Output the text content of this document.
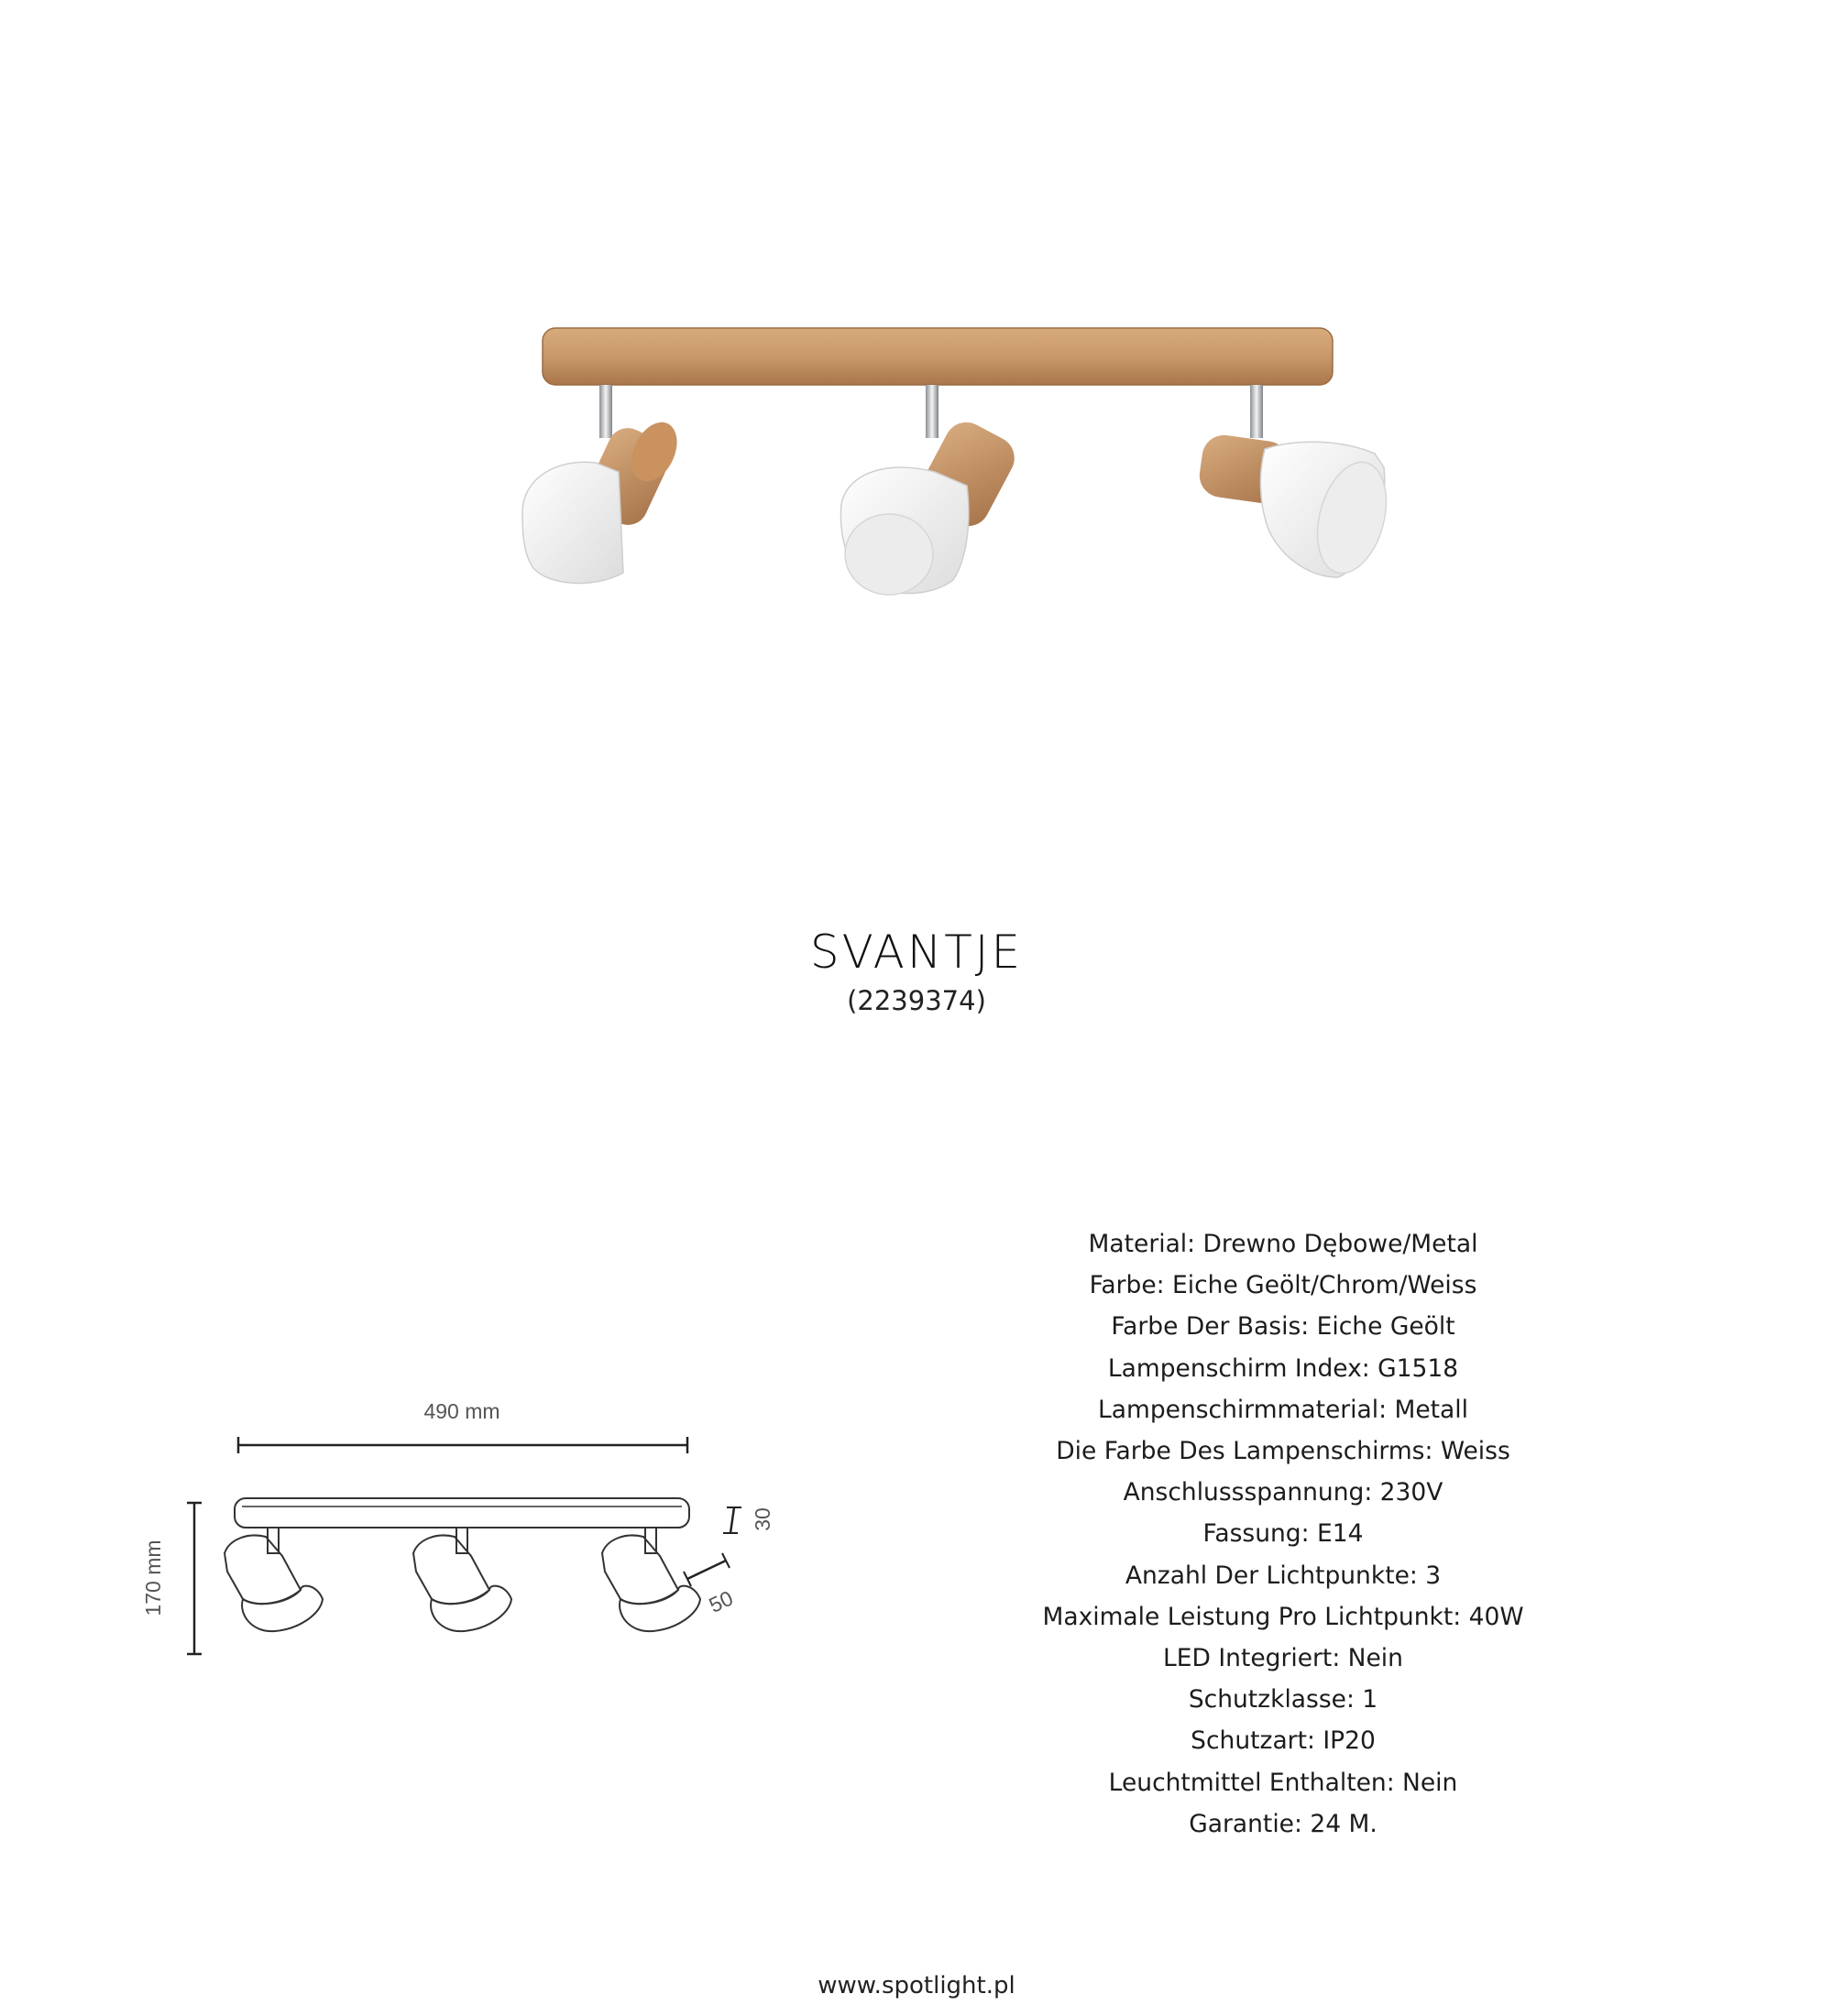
SVANTJE
(2239374)
490 mm
170 mm
30
50
Material: Drewno Dębowe/Metal
Farbe: Eiche Geölt/Chrom/Weiss
Farbe Der Basis: Eiche Geölt
Lampenschirm Index: G1518
Lampenschirmmaterial: Metall
Die Farbe Des Lampenschirms: Weiss
Anschlussspannung: 230V
Fassung: E14
Anzahl Der Lichtpunkte: 3
Maximale Leistung Pro Lichtpunkt: 40W
LED Integriert: Nein
Schutzklasse: 1
Schutzart: IP20
Leuchtmittel Enthalten: Nein
Garantie: 24 M.
www.spotlight.pl
